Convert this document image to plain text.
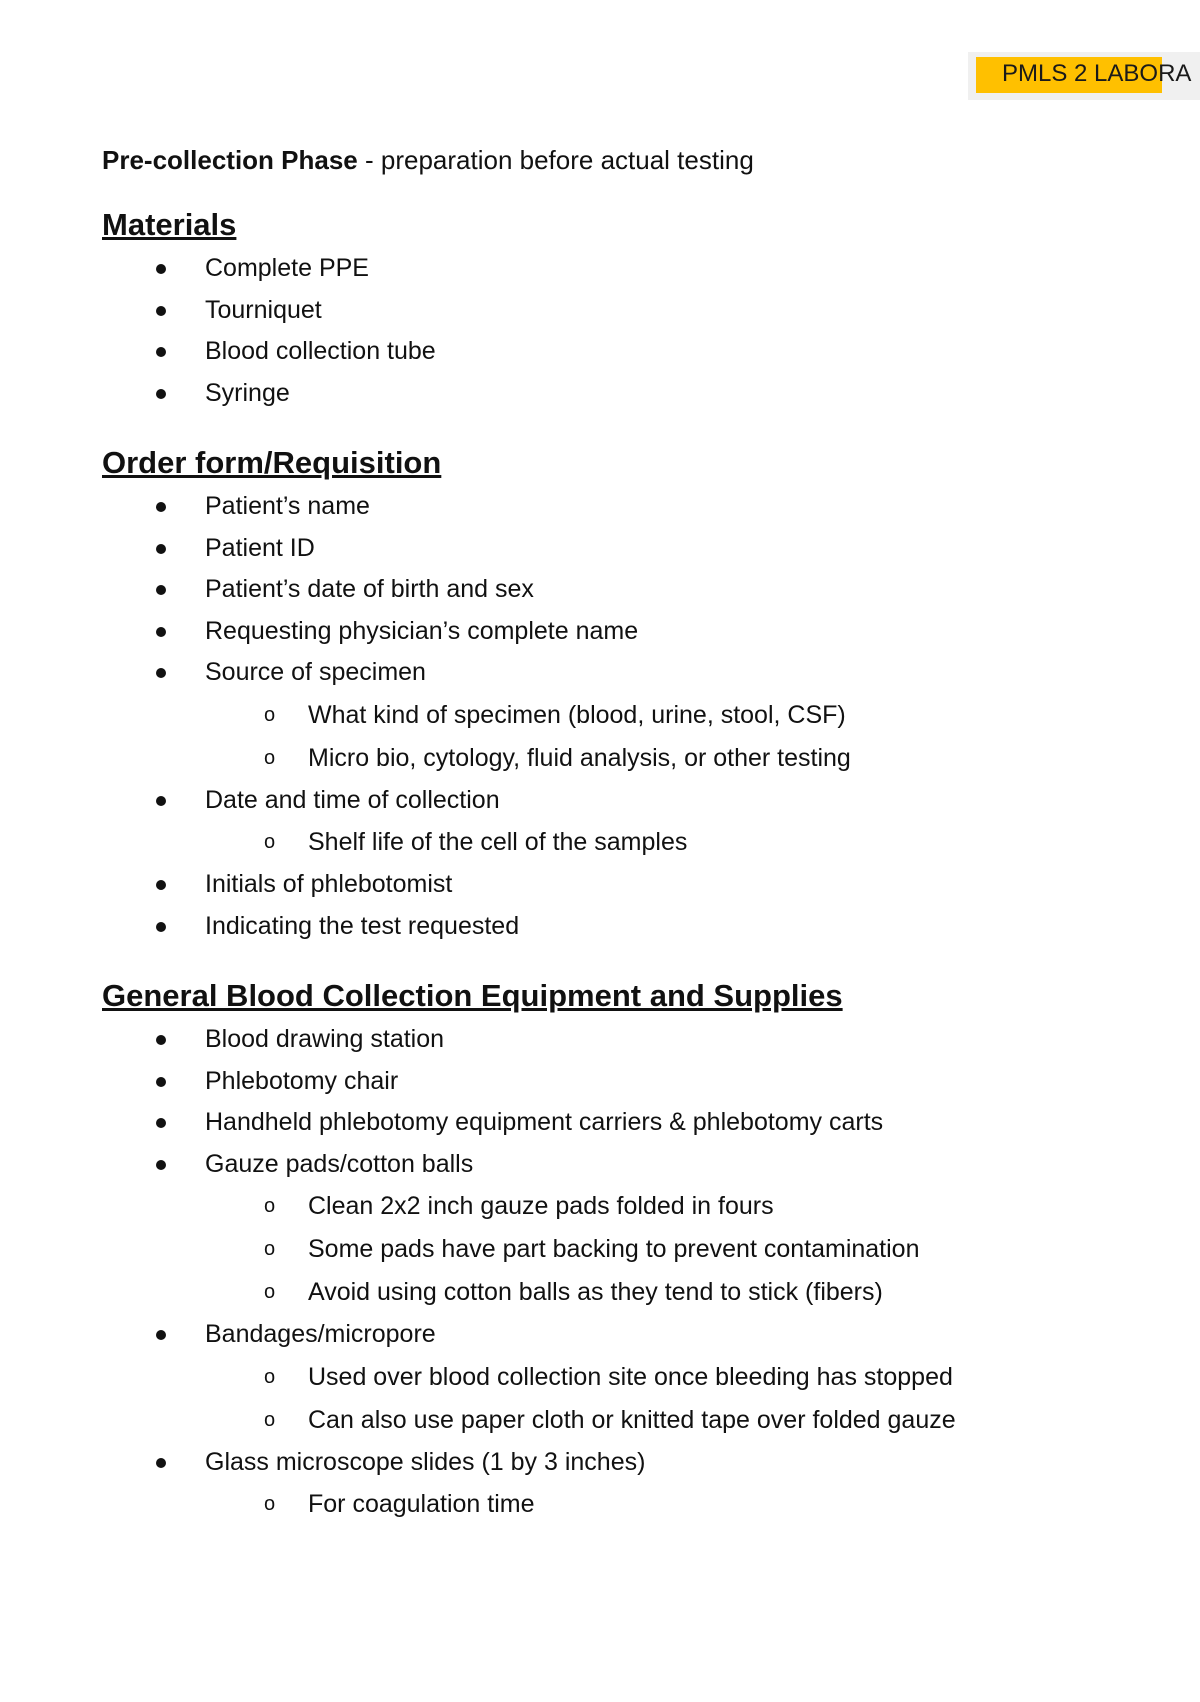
PMLS 2 LABORA

Pre-collection Phase - preparation before actual testing

Materials
Complete PPE
Tourniquet
Blood collection tube
Syringe
Order form/Requisition
Patient’s name
Patient ID
Patient’s date of birth and sex
Requesting physician’s complete name
Source of specimen
o What kind of specimen (blood, urine, stool, CSF)
o Micro bio, cytology, fluid analysis, or other testing
Date and time of collection
o Shelf life of the cell of the samples
Initials of phlebotomist
Indicating the test requested
General Blood Collection Equipment and Supplies
Blood drawing station
Phlebotomy chair
Handheld phlebotomy equipment carriers & phlebotomy carts
Gauze pads/cotton balls
o Clean 2x2 inch gauze pads folded in fours
o Some pads have part backing to prevent contamination
o Avoid using cotton balls as they tend to stick (fibers)
Bandages/micropore
o Used over blood collection site once bleeding has stopped
o Can also use paper cloth or knitted tape over folded gauze
Glass microscope slides (1 by 3 inches)
o For coagulation time
